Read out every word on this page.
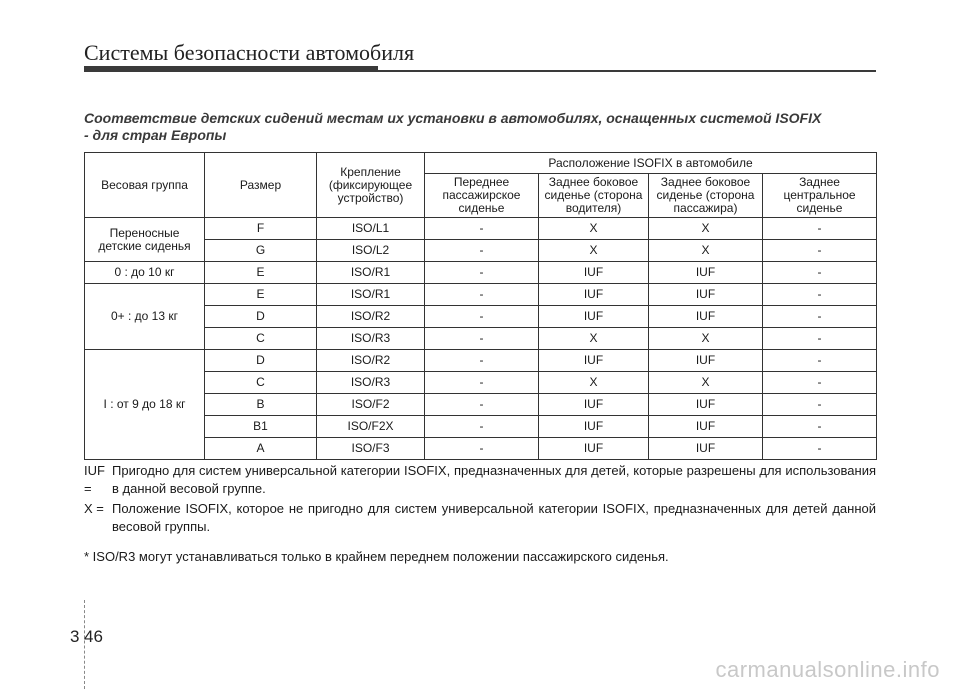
Системы безопасности автомобиля
Соответствие детских сидений местам их установки в автомобилях, оснащенных системой ISOFIX
- для стран Европы
Весовая группа	Размер	Крепление (фиксирующее устройство)	Расположение ISOFIX в автомобиле			
			Переднее пассажирское сиденье	Заднее боковое сиденье (сторона водителя)	Заднее боковое сиденье (сторона пассажира)	Заднее центральное сиденье
Переносные детские сиденья	F	ISO/L1	-	X	X	-
	G	ISO/L2	-	X	X	-
0 : до 10 кг	E	ISO/R1	-	IUF	IUF	-
0+ : до 13 кг	E	ISO/R1	-	IUF	IUF	-
	D	ISO/R2	-	IUF	IUF	-
	C	ISO/R3	-	X	X	-
I : от 9 до 18 кг	D	ISO/R2	-	IUF	IUF	-
	C	ISO/R3	-	X	X	-
	B	ISO/F2	-	IUF	IUF	-
	B1	ISO/F2X	-	IUF	IUF	-
	A	ISO/F3	-	IUF	IUF	-
IUF =
Пригодно для систем универсальной категории ISOFIX, предназначенных для детей, которые разрешены для использования в данной весовой группе.
X = Положение ISOFIX, которое не пригодно для систем универсальной категории ISOFIX, предназначенных для детей данной весовой группы.
* ISO/R3 могут устанавливаться только в крайнем переднем положении пассажирского сиденья.
3 46
carmanualsonline.info
